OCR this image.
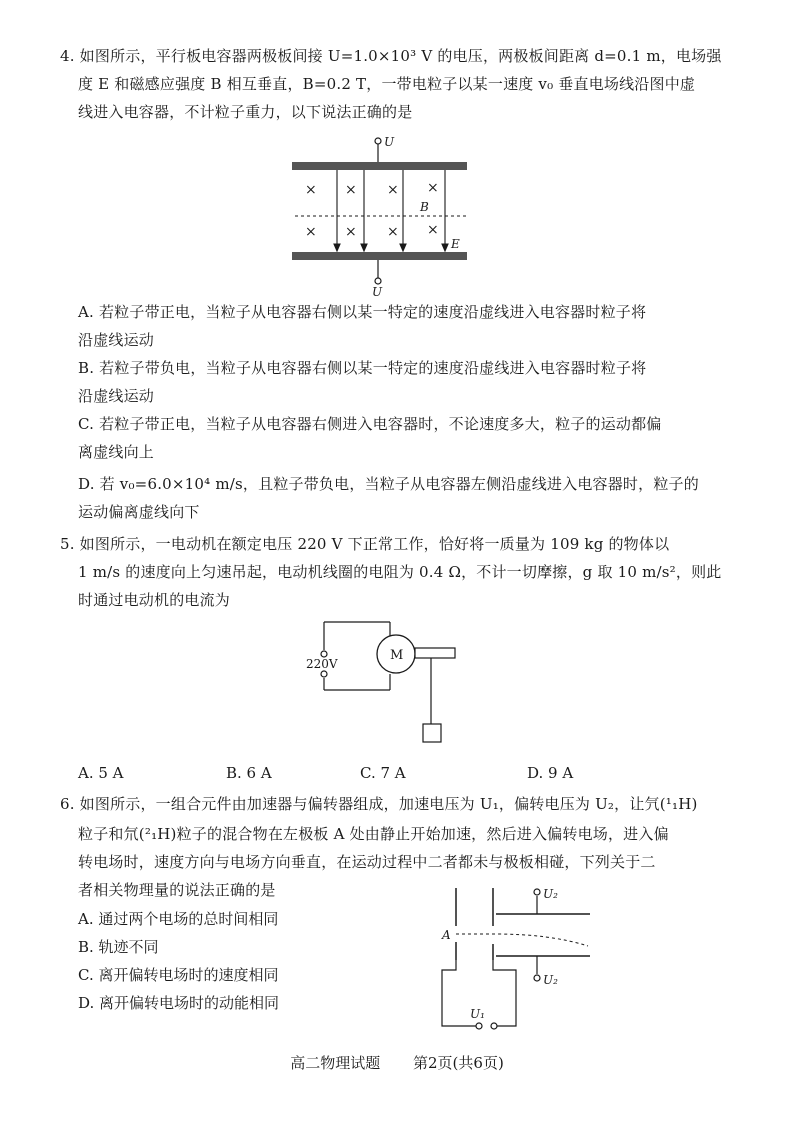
4. 如图所示，平行板电容器两极板间接 U=1.0×10³ V 的电压，两极板间距离 d=0.1 m，电场强
度 E 和磁感应强度 B 相互垂直，B=0.2 T，一带电粒子以某一速度 v₀ 垂直电场线沿图中虚
线进入电容器，不计粒子重力，以下说法正确的是
U
U
× × × ×
× × × ×
B
E
A. 若粒子带正电，当粒子从电容器右侧以某一特定的速度沿虚线进入电容器时粒子将
沿虚线运动
B. 若粒子带负电，当粒子从电容器右侧以某一特定的速度沿虚线进入电容器时粒子将
沿虚线运动
C. 若粒子带正电，当粒子从电容器右侧进入电容器时，不论速度多大，粒子的运动都偏
离虚线向上
D. 若 v₀=6.0×10⁴ m/s，且粒子带负电，当粒子从电容器左侧沿虚线进入电容器时，粒子的
运动偏离虚线向下
5. 如图所示，一电动机在额定电压 220 V 下正常工作，恰好将一质量为 109 kg 的物体以
1 m/s 的速度向上匀速吊起，电动机线圈的电阻为 0.4 Ω，不计一切摩擦，g 取 10 m/s²，则此
时通过电动机的电流为
220V
M
A. 5 A	B. 6 A	C. 7 A	D. 9 A
6. 如图所示，一组合元件由加速器与偏转器组成，加速电压为 U₁，偏转电压为 U₂，让氕(¹₁H)
粒子和氘(²₁H)粒子的混合物在左极板 A 处由静止开始加速，然后进入偏转电场，进入偏
转电场时，速度方向与电场方向垂直，在运动过程中二者都未与极板相碰，下列关于二
者相关物理量的说法正确的是
A. 通过两个电场的总时间相同
B. 轨迹不同
C. 离开偏转电场时的速度相同
D. 离开偏转电场时的动能相同
U₂
U₂
A
U₁
高二物理试题 第2页(共6页)
